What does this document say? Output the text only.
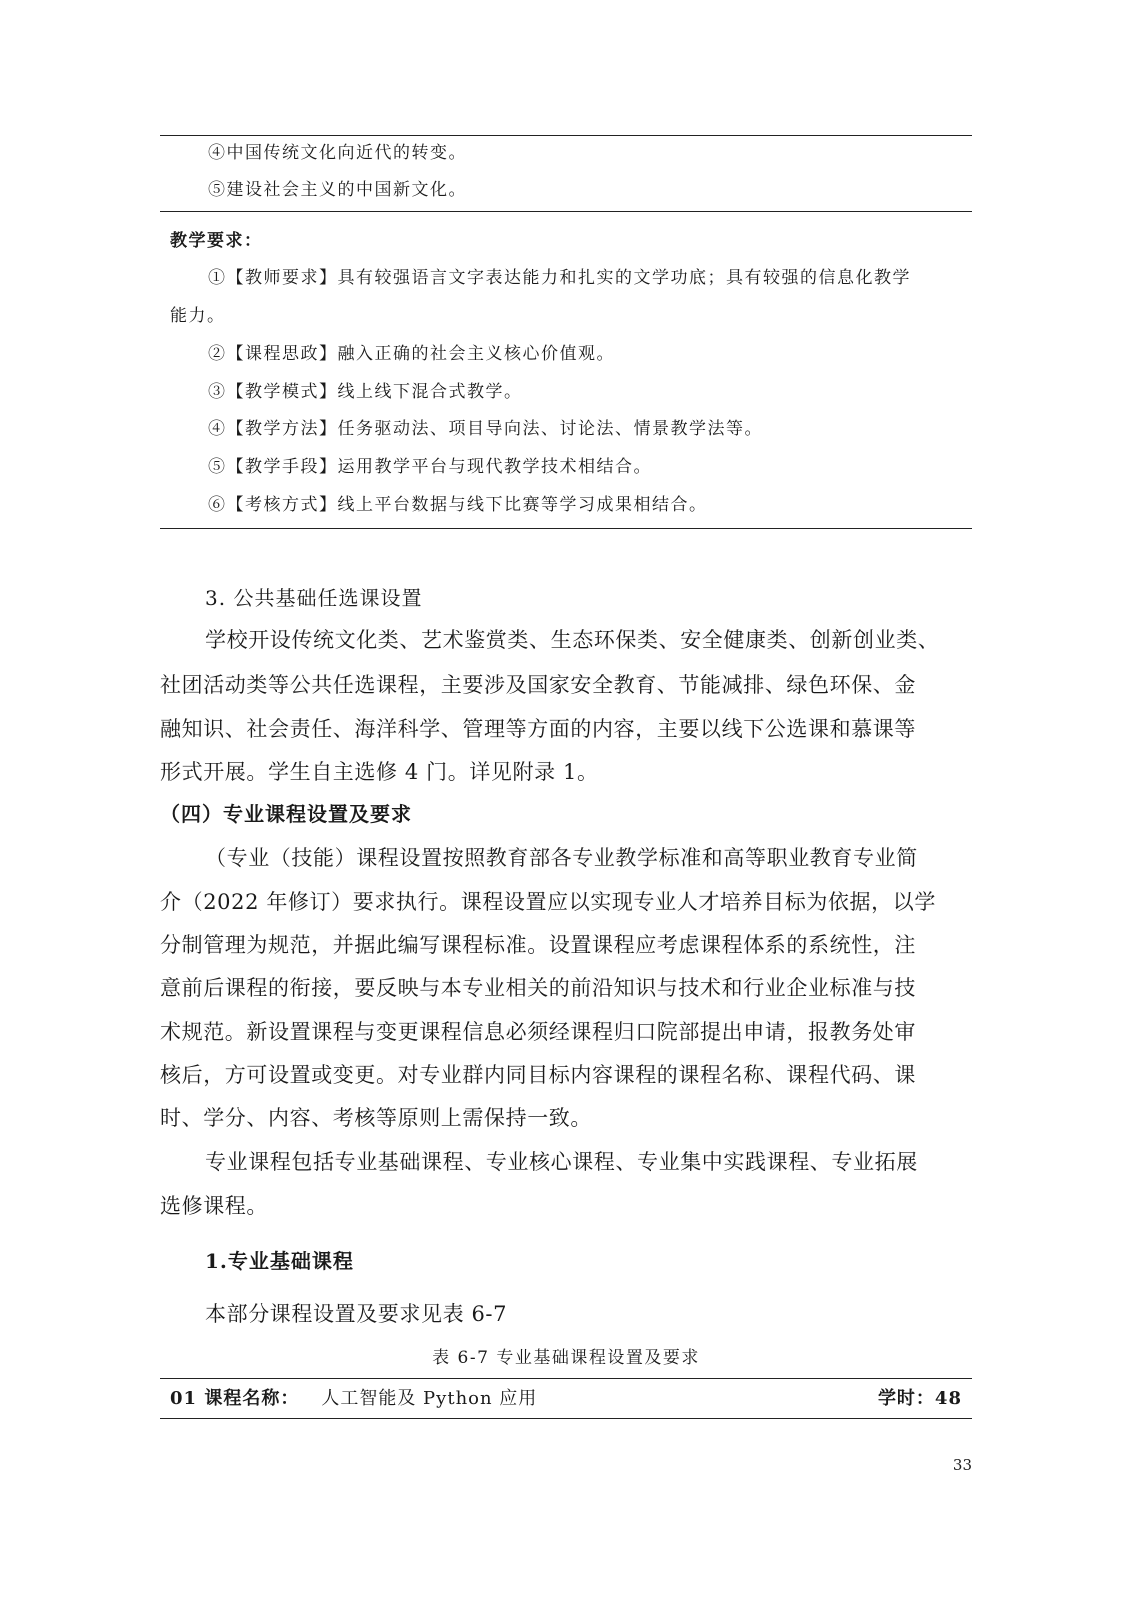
④中国传统文化向近代的转变。
⑤建设社会主义的中国新文化。
教学要求：
①【教师要求】具有较强语言文字表达能力和扎实的文学功底；具有较强的信息化教学
能力。
②【课程思政】融入正确的社会主义核心价值观。
③【教学模式】线上线下混合式教学。
④【教学方法】任务驱动法、项目导向法、讨论法、情景教学法等。
⑤【教学手段】运用教学平台与现代教学技术相结合。
⑥【考核方式】线上平台数据与线下比赛等学习成果相结合。
3. 公共基础任选课设置
学校开设传统文化类、艺术鉴赏类、生态环保类、安全健康类、创新创业类、
社团活动类等公共任选课程，主要涉及国家安全教育、节能减排、绿色环保、金
融知识、社会责任、海洋科学、管理等方面的内容，主要以线下公选课和慕课等
形式开展。学生自主选修 4 门。详见附录 1。
（四）专业课程设置及要求
（专业（技能）课程设置按照教育部各专业教学标准和高等职业教育专业简
介（2022 年修订）要求执行。课程设置应以实现专业人才培养目标为依据，以学
分制管理为规范，并据此编写课程标准。设置课程应考虑课程体系的系统性，注
意前后课程的衔接，要反映与本专业相关的前沿知识与技术和行业企业标准与技
术规范。新设置课程与变更课程信息必须经课程归口院部提出申请，报教务处审
核后，方可设置或变更。对专业群内同目标内容课程的课程名称、课程代码、课
时、学分、内容、考核等原则上需保持一致。
专业课程包括专业基础课程、专业核心课程、专业集中实践课程、专业拓展
选修课程。
1.专业基础课程
本部分课程设置及要求见表 6-7
表 6-7 专业基础课程设置及要求
01 课程名称： 人工智能及 Python 应用	学时：48
33
